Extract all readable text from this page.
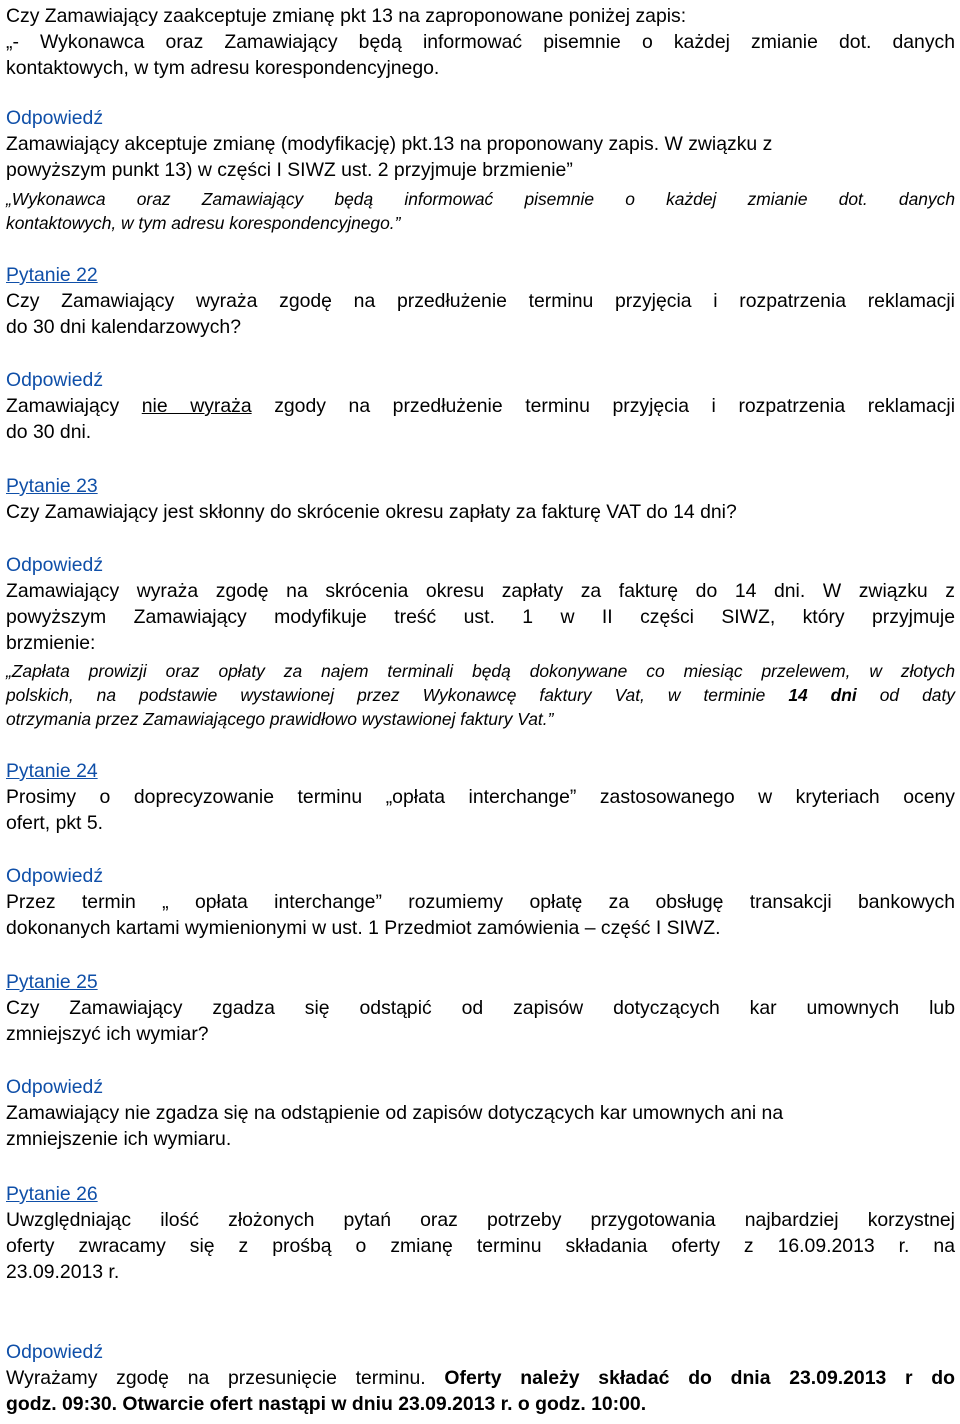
Czy Zamawiający zaakceptuje zmianę pkt 13 na zaproponowane poniżej zapis:
„- Wykonawca oraz Zamawiający będą informować pisemnie o każdej zmianie dot. danych
kontaktowych, w tym adresu korespondencyjnego.
Odpowiedź
Zamawiający akceptuje zmianę (modyfikację) pkt.13 na proponowany zapis. W związku z
powyższym punkt 13) w części I SIWZ ust. 2 przyjmuje brzmienie”
„Wykonawca oraz Zamawiający będą informować pisemnie o każdej zmianie dot. danych
kontaktowych, w tym adresu korespondencyjnego.”
Pytanie 22
Czy Zamawiający wyraża zgodę na przedłużenie terminu przyjęcia i rozpatrzenia reklamacji
do 30 dni kalendarzowych?
Odpowiedź
Zamawiający nie wyraża zgody na przedłużenie terminu przyjęcia i rozpatrzenia reklamacji
do 30 dni.
Pytanie 23
Czy Zamawiający jest skłonny do skrócenie okresu zapłaty za fakturę VAT do 14 dni?
Odpowiedź
Zamawiający wyraża zgodę na skrócenia okresu zapłaty za fakturę do 14 dni. W związku z
powyższym Zamawiający modyfikuje treść ust. 1 w II części SIWZ, który przyjmuje
brzmienie:
„Zapłata prowizji oraz opłaty za najem terminali będą dokonywane co miesiąc przelewem, w złotych
polskich, na podstawie wystawionej przez Wykonawcę faktury Vat, w terminie 14 dni od daty
otrzymania przez Zamawiającego prawidłowo wystawionej faktury Vat.”
Pytanie 24
Prosimy o doprecyzowanie terminu „opłata interchange” zastosowanego w kryteriach oceny
ofert, pkt 5.
Odpowiedź
Przez termin „ opłata interchange” rozumiemy opłatę za obsługę transakcji bankowych
dokonanych kartami wymienionymi w ust. 1 Przedmiot zamówienia – część I SIWZ.
Pytanie 25
Czy Zamawiający zgadza się odstąpić od zapisów dotyczących kar umownych lub
zmniejszyć ich wymiar?
Odpowiedź
Zamawiający nie zgadza się na odstąpienie od zapisów dotyczących kar umownych ani na
zmniejszenie ich wymiaru.
Pytanie 26
Uwzględniając ilość złożonych pytań oraz potrzeby przygotowania najbardziej korzystnej
oferty zwracamy się z prośbą o zmianę terminu składania oferty z 16.09.2013 r. na
23.09.2013 r.
Odpowiedź
Wyrażamy zgodę na przesunięcie terminu. Oferty należy składać do dnia 23.09.2013 r do
godz. 09:30. Otwarcie ofert nastąpi w dniu 23.09.2013 r. o godz. 10:00.
